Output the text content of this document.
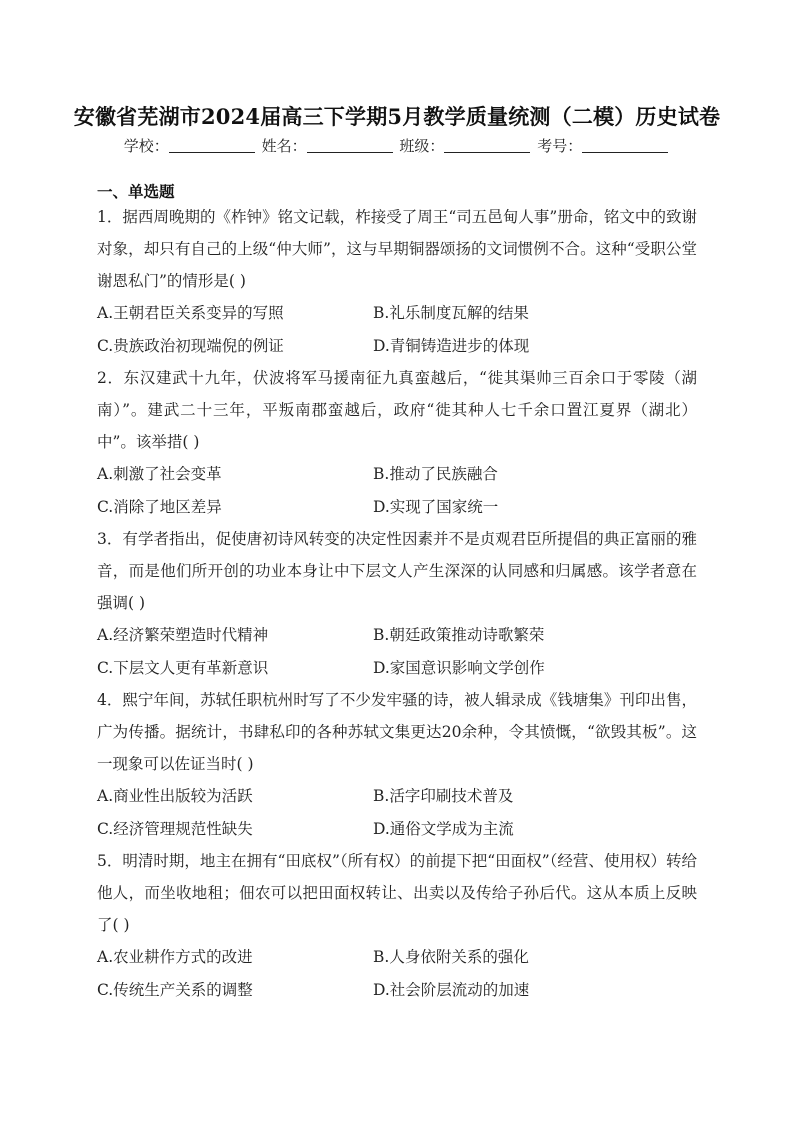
安徽省芜湖市2024届高三下学期5月教学质量统测（二模）历史试卷
学校：	姓名：	班级：	考号：
一、单选题

1．据西周晚期的《柞钟》铭文记载，柞接受了周王“司五邑甸人事”册命，铭文中的致谢对象，却只有自己的上级“仲大师”，这与早期铜器颂扬的文词惯例不合。这种“受职公堂谢恩私门”的情形是( )

A.王朝君臣关系变异的写照	B.礼乐制度瓦解的结果
C.贵族政治初现端倪的例证	D.青铜铸造进步的体现

2．东汉建武十九年，伏波将军马援南征九真蛮越后，“徙其渠帅三百余口于零陵（湖南）”。建武二十三年，平叛南郡蛮越后，政府“徙其种人七千余口置江夏界（湖北）中”。该举措( )

A.刺激了社会变革	B.推动了民族融合
C.消除了地区差异	D.实现了国家统一

3．有学者指出，促使唐初诗风转变的决定性因素并不是贞观君臣所提倡的典正富丽的雅音，而是他们所开创的功业本身让中下层文人产生深深的认同感和归属感。该学者意在强调( )

A.经济繁荣塑造时代精神	B.朝廷政策推动诗歌繁荣
C.下层文人更有革新意识	D.家国意识影响文学创作

4．熙宁年间，苏轼任职杭州时写了不少发牢骚的诗，被人辑录成《钱塘集》刊印出售，广为传播。据统计，书肆私印的各种苏轼文集更达20余种，令其愤慨，“欲毁其板”。这一现象可以佐证当时( )

A.商业性出版较为活跃	B.活字印刷技术普及
C.经济管理规范性缺失	D.通俗文学成为主流

5．明清时期，地主在拥有“田底权”（所有权）的前提下把“田面权”（经营、使用权）转给他人，而坐收地租；佃农可以把田面权转让、出卖以及传给子孙后代。这从本质上反映了( )

A.农业耕作方式的改进	B.人身依附关系的强化
C.传统生产关系的调整	D.社会阶层流动的加速
